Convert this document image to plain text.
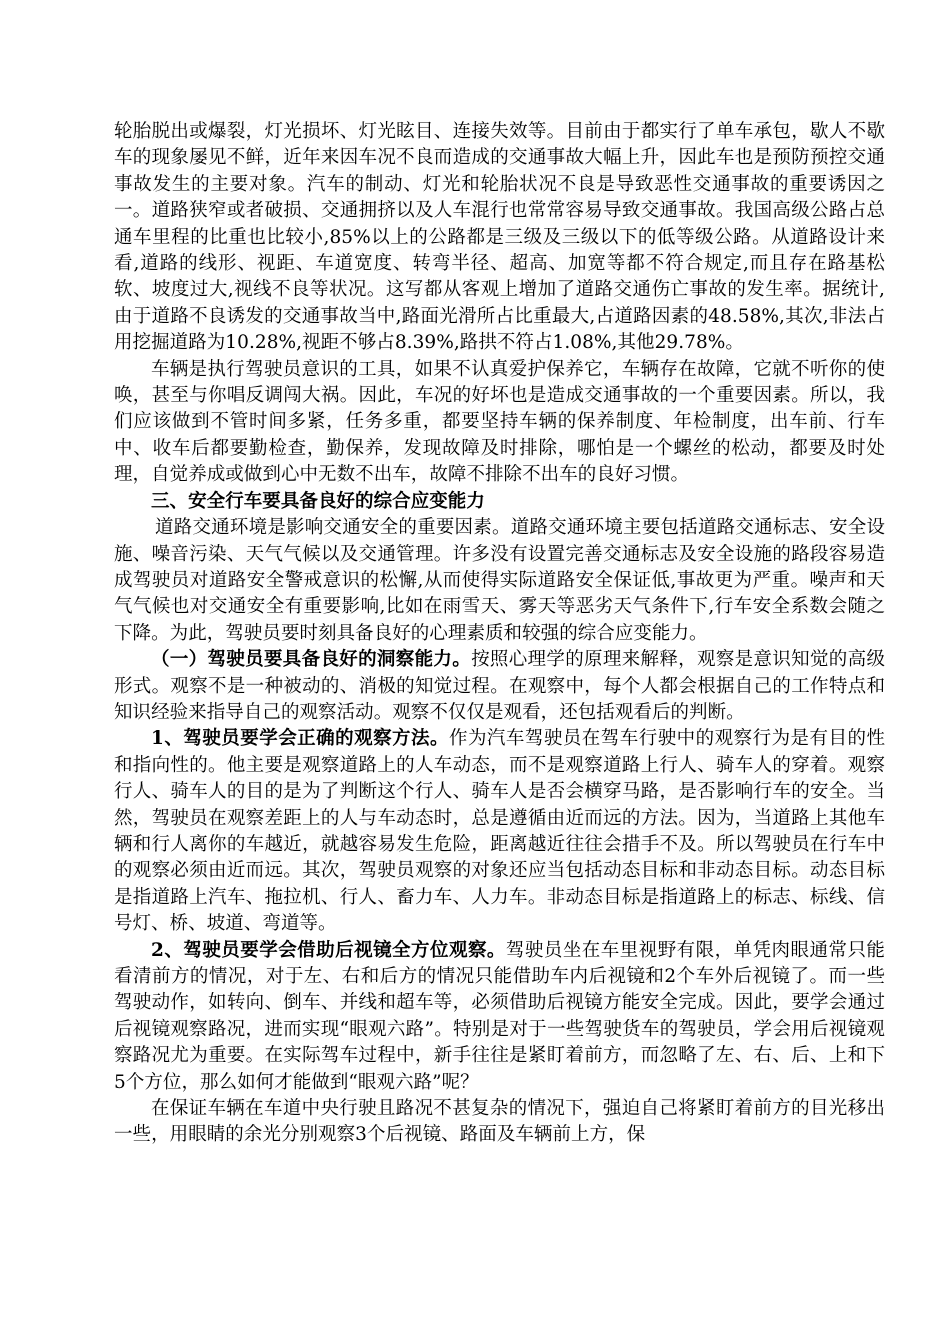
轮胎脱出或爆裂，灯光损坏、灯光眩目、连接失效等。目前由于都实行了单车承包，歇人不歇车的现象屡见不鲜，近年来因车况不良而造成的交通事故大幅上升，因此车也是预防预控交通事故发生的主要对象。汽车的制动、灯光和轮胎状况不良是导致恶性交通事故的重要诱因之一。道路狭窄或者破损、交通拥挤以及人车混行也常常容易导致交通事故。我国高级公路占总通车里程的比重也比较小,85%以上的公路都是三级及三级以下的低等级公路。从道路设计来看,道路的线形、视距、车道宽度、转弯半径、超高、加宽等都不符合规定,而且存在路基松软、坡度过大,视线不良等状况。这写都从客观上增加了道路交通伤亡事故的发生率。据统计,由于道路不良诱发的交通事故当中,路面光滑所占比重最大,占道路因素的48.58%,其次,非法占用挖掘道路为10.28%,视距不够占8.39%,路拱不符占1.08%,其他29.78%。

车辆是执行驾驶员意识的工具，如果不认真爱护保养它，车辆存在故障，它就不听你的使唤，甚至与你唱反调闯大祸。因此，车况的好坏也是造成交通事故的一个重要因素。所以，我们应该做到不管时间多紧，任务多重，都要坚持车辆的保养制度、年检制度，出车前、行车中、收车后都要勤检查，勤保养，发现故障及时排除，哪怕是一个螺丝的松动，都要及时处理，自觉养成或做到心中无数不出车，故障不排除不出车的良好习惯。

三、安全行车要具备良好的综合应变能力

道路交通环境是影响交通安全的重要因素。道路交通环境主要包括道路交通标志、安全设施、噪音污染、天气气候以及交通管理。许多没有设置完善交通标志及安全设施的路段容易造成驾驶员对道路安全警戒意识的松懈,从而使得实际道路安全保证低,事故更为严重。噪声和天气气候也对交通安全有重要影响,比如在雨雪天、雾天等恶劣天气条件下,行车安全系数会随之下降。为此，驾驶员要时刻具备良好的心理素质和较强的综合应变能力。

（一）驾驶员要具备良好的洞察能力。按照心理学的原理来解释，观察是意识知觉的高级形式。观察不是一种被动的、消极的知觉过程。在观察中，每个人都会根据自己的工作特点和知识经验来指导自己的观察活动。观察不仅仅是观看，还包括观看后的判断。

1、驾驶员要学会正确的观察方法。作为汽车驾驶员在驾车行驶中的观察行为是有目的性和指向性的。他主要是观察道路上的人车动态，而不是观察道路上行人、骑车人的穿着。观察行人、骑车人的目的是为了判断这个行人、骑车人是否会横穿马路，是否影响行车的安全。当然，驾驶员在观察差距上的人与车动态时，总是遵循由近而远的方法。因为，当道路上其他车辆和行人离你的车越近，就越容易发生危险，距离越近往往会措手不及。所以驾驶员在行车中的观察必须由近而远。其次，驾驶员观察的对象还应当包括动态目标和非动态目标。动态目标是指道路上汽车、拖拉机、行人、畜力车、人力车。非动态目标是指道路上的标志、标线、信号灯、桥、坡道、弯道等。

2、驾驶员要学会借助后视镜全方位观察。驾驶员坐在车里视野有限，单凭肉眼通常只能看清前方的情况，对于左、右和后方的情况只能借助车内后视镜和2个车外后视镜了。而一些驾驶动作，如转向、倒车、并线和超车等，必须借助后视镜方能安全完成。因此，要学会通过后视镜观察路况，进而实现“眼观六路”。特别是对于一些驾驶货车的驾驶员，学会用后视镜观察路况尤为重要。在实际驾车过程中，新手往往是紧盯着前方，而忽略了左、右、后、上和下5个方位，那么如何才能做到“眼观六路”呢？

在保证车辆在车道中央行驶且路况不甚复杂的情况下，强迫自己将紧盯着前方的目光移出一些，用眼睛的余光分别观察3个后视镜、路面及车辆前上方，保
